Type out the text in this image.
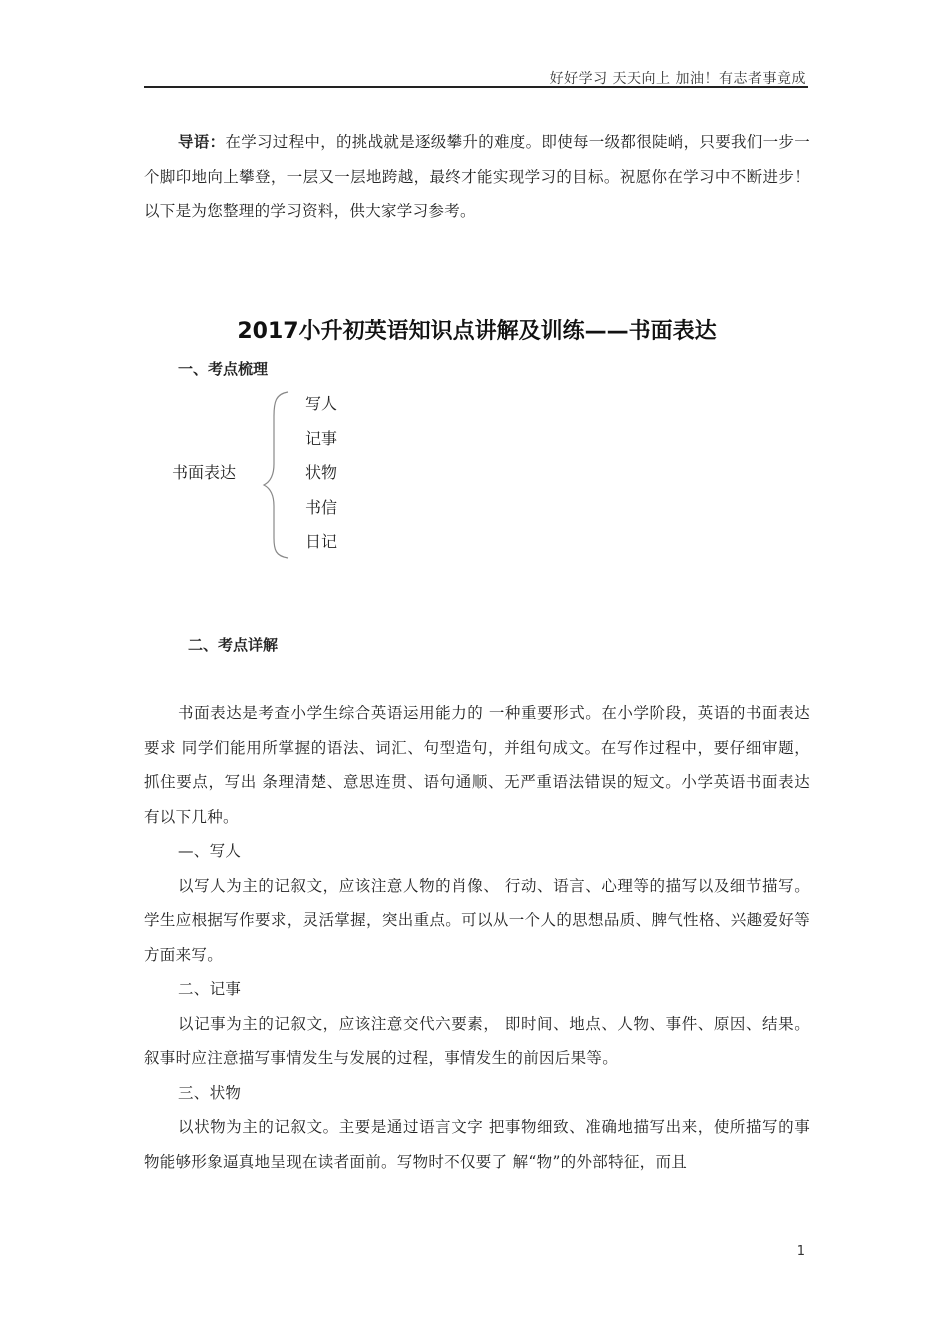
好好学习 天天向上 加油！有志者事竟成

导语：在学习过程中，的挑战就是逐级攀升的难度。即使每一级都很陡峭，只要我们一步一个脚印地向上攀登，一层又一层地跨越，最终才能实现学习的目标。祝愿你在学习中不断进步！以下是为您整理的学习资料，供大家学习参考。

2017小升初英语知识点讲解及训练——书面表达
一、考点梳理
书面表达
写人
记事
状物
书信
日记
二、考点详解
书面表达是考查小学生综合英语运用能力的 一种重要形式。在小学阶段，英语的书面表达要求 同学们能用所掌握的语法、词汇、句型造句，并组句成文。在写作过程中，要仔细审题，抓住要点，写出 条理清楚、意思连贯、语句通顺、无严重语法错误的短文。小学英语书面表达有以下几种。
—、写人
以写人为主的记叙文，应该注意人物的肖像、 行动、语言、心理等的描写以及细节描写。学生应根据写作要求，灵活掌握，突出重点。可以从一个人的思想品质、脾气性格、兴趣爱好等方面来写。
二、记事
以记事为主的记叙文，应该注意交代六要素， 即时间、地点、人物、事件、原因、结果。叙事时应注意描写事情发生与发展的过程，事情发生的前因后果等。
三、状物
以状物为主的记叙文。主要是通过语言文字 把事物细致、准确地描写出来，使所描写的事物能够形象逼真地呈现在读者面前。写物时不仅要了 解“物”的外部特征，而且
1
